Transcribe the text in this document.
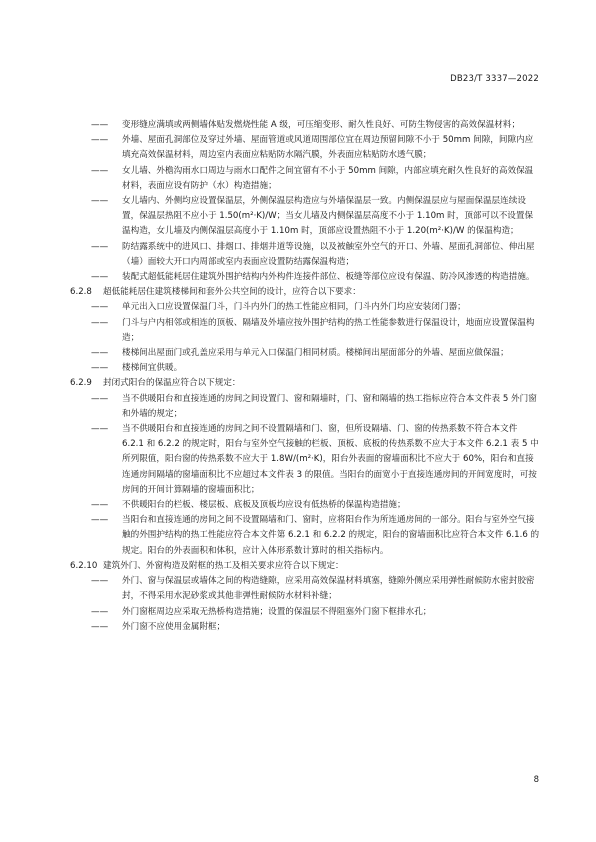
DB23/T 3337—2022
—— 变形缝应满填或两侧墙体贴发燃烧性能 A 级，可压缩变形、耐久性良好、可防生物侵害的高效保温材料；

—— 外墙、屋面孔洞部位及穿过外墙、屋面管道或风道周围部位宜在周边预留间隙不小于 50mm 间隙，间隙内应填充高效保温材料，周边室内表面应粘贴防水隔汽膜，外表面应粘贴防水透气膜；

—— 女儿墙、外檐沟雨水口周边与雨水口配件之间宜留有不小于 50mm 间隙，内部应填充耐久性良好的高效保温材料，表面应设有防护（水）构造措施；

—— 女儿墙内、外侧均应设置保温层，外侧保温层构造应与外墙保温层一致。内侧保温层应与屋面保温层连续设置，保温层热阻不应小于 1.50(m²·K)/W；当女儿墙及内侧保温层高度不小于 1.10m 时，顶部可以不设置保温构造，女儿墙及内侧保温层高度小于 1.10m 时，顶部应设置热阻不小于 1.20(m²·K)/W 的保温构造；

—— 防结露系统中的进风口、排烟口、排烟井道等设施，以及被触室外空气的开口、外墙、屋面孔洞部位、伸出屋（墙）面较大开口内周部或室内表面应设置防结露保温构造；

—— 装配式超低能耗居住建筑外围护结构内外构件连接件部位、板缝等部位应设有保温、防冷风渗透的构造措施。

6.2.8 超低能耗居住建筑楼梯间和套外公共空间的设计，应符合以下要求：
—— 单元出入口应设置保温门斗，门斗内外门的热工性能应相同，门斗内外门均应安装闭门器；

—— 门斗与户内相邻或相连的顶板、隔墙及外墙应按外围护结构的热工性能参数进行保温设计，地面应设置保温构造；

—— 楼梯间出屋面门或孔盖应采用与单元入口保温门相同材质。楼梯间出屋面部分的外墙、屋面应做保温；

—— 楼梯间宜供暖。

6.2.9 封闭式阳台的保温应符合以下规定：
—— 当不供暖阳台和直接连通的房间之间设置门、窗和隔墙时，门、窗和隔墙的热工指标应符合本文件表 5 外门窗和外墙的规定；

—— 当不供暖阳台和直接连通的房间之间不设置隔墙和门、窗，但所设隔墙、门、窗的传热系数不符合本文件 6.2.1 和 6.2.2 的规定时，阳台与室外空气接触的栏板、顶板、底板的传热系数不应大于本文件 6.2.1 表 5 中所列限值，阳台窗的传热系数不应大于 1.8W/(m²·K)，阳台外表面的窗墙面积比不应大于 60%，阳台和直接连通房间隔墙的窗墙面积比不应超过本文件表 3 的限值。当阳台的面宽小于直接连通房间的开间宽度时，可按房间的开间计算隔墙的窗墙面积比；

—— 不供暖阳台的栏板、楼层板、底板及顶板均应设有低热桥的保温构造措施；

—— 当阳台和直接连通的房间之间不设置隔墙和门、窗时，应将阳台作为所连通房间的一部分。阳台与室外空气接触的外围护结构的热工性能应符合本文件第 6.2.1 和 6.2.2 的规定，阳台的窗墙面积比应符合本文件 6.1.6 的规定。阳台的外表面积和体积，应计入体形系数计算时的相关指标内。

6.2.10 建筑外门、外窗构造及附框的热工及相关要求应符合以下规定：
—— 外门、窗与保温层或墙体之间的构造缝隙，应采用高效保温材料填塞，缝隙外侧应采用弹性耐候防水密封胶密封，不得采用水泥砂浆或其他非弹性耐候防水材料补缝；

—— 外门窗框周边应采取无热桥构造措施；设置的保温层不得阻塞外门窗下框排水孔；

—— 外门窗不应使用金属附框；

8
